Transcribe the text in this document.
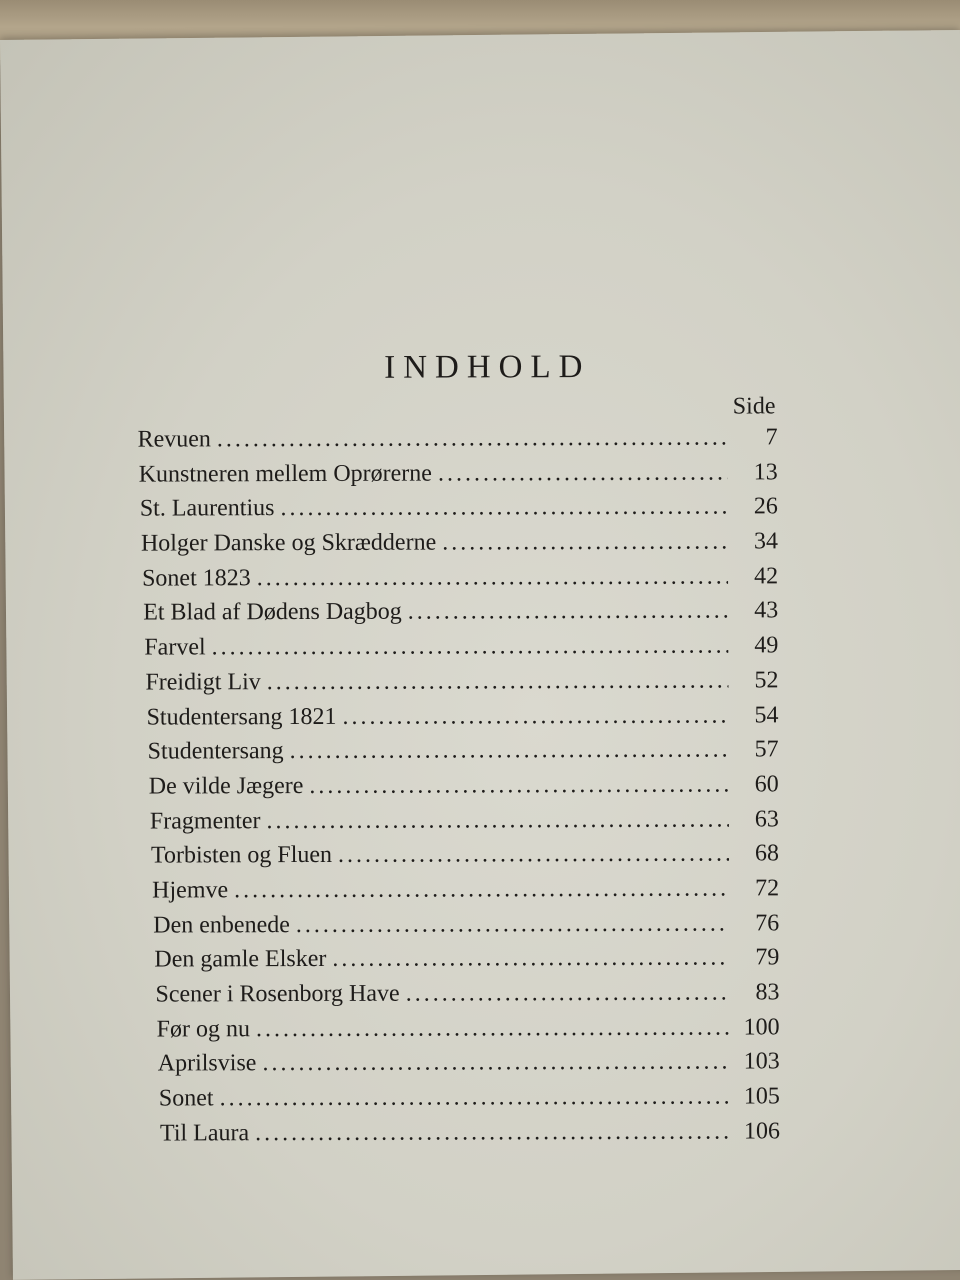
INDHOLD
Side
Revuen .....	7
Kunstneren mellem Oprørerne .....	13
St. Laurentius .....	26
Holger Danske og Skrædderne .....	34
Sonet 1823 .....	42
Et Blad af Dødens Dagbog .....	43
Farvel .....	49
Freidigt Liv .....	52
Studentersang 1821 .....	54
Studentersang .....	57
De vilde Jægere .....	60
Fragmenter .....	63
Torbisten og Fluen .....	68
Hjemve .....	72
Den enbenede .....	76
Den gamle Elsker .....	79
Scener i Rosenborg Have .....	83
Før og nu .....	100
Aprilsvise .....	103
Sonet .....	105
Til Laura .....	106
